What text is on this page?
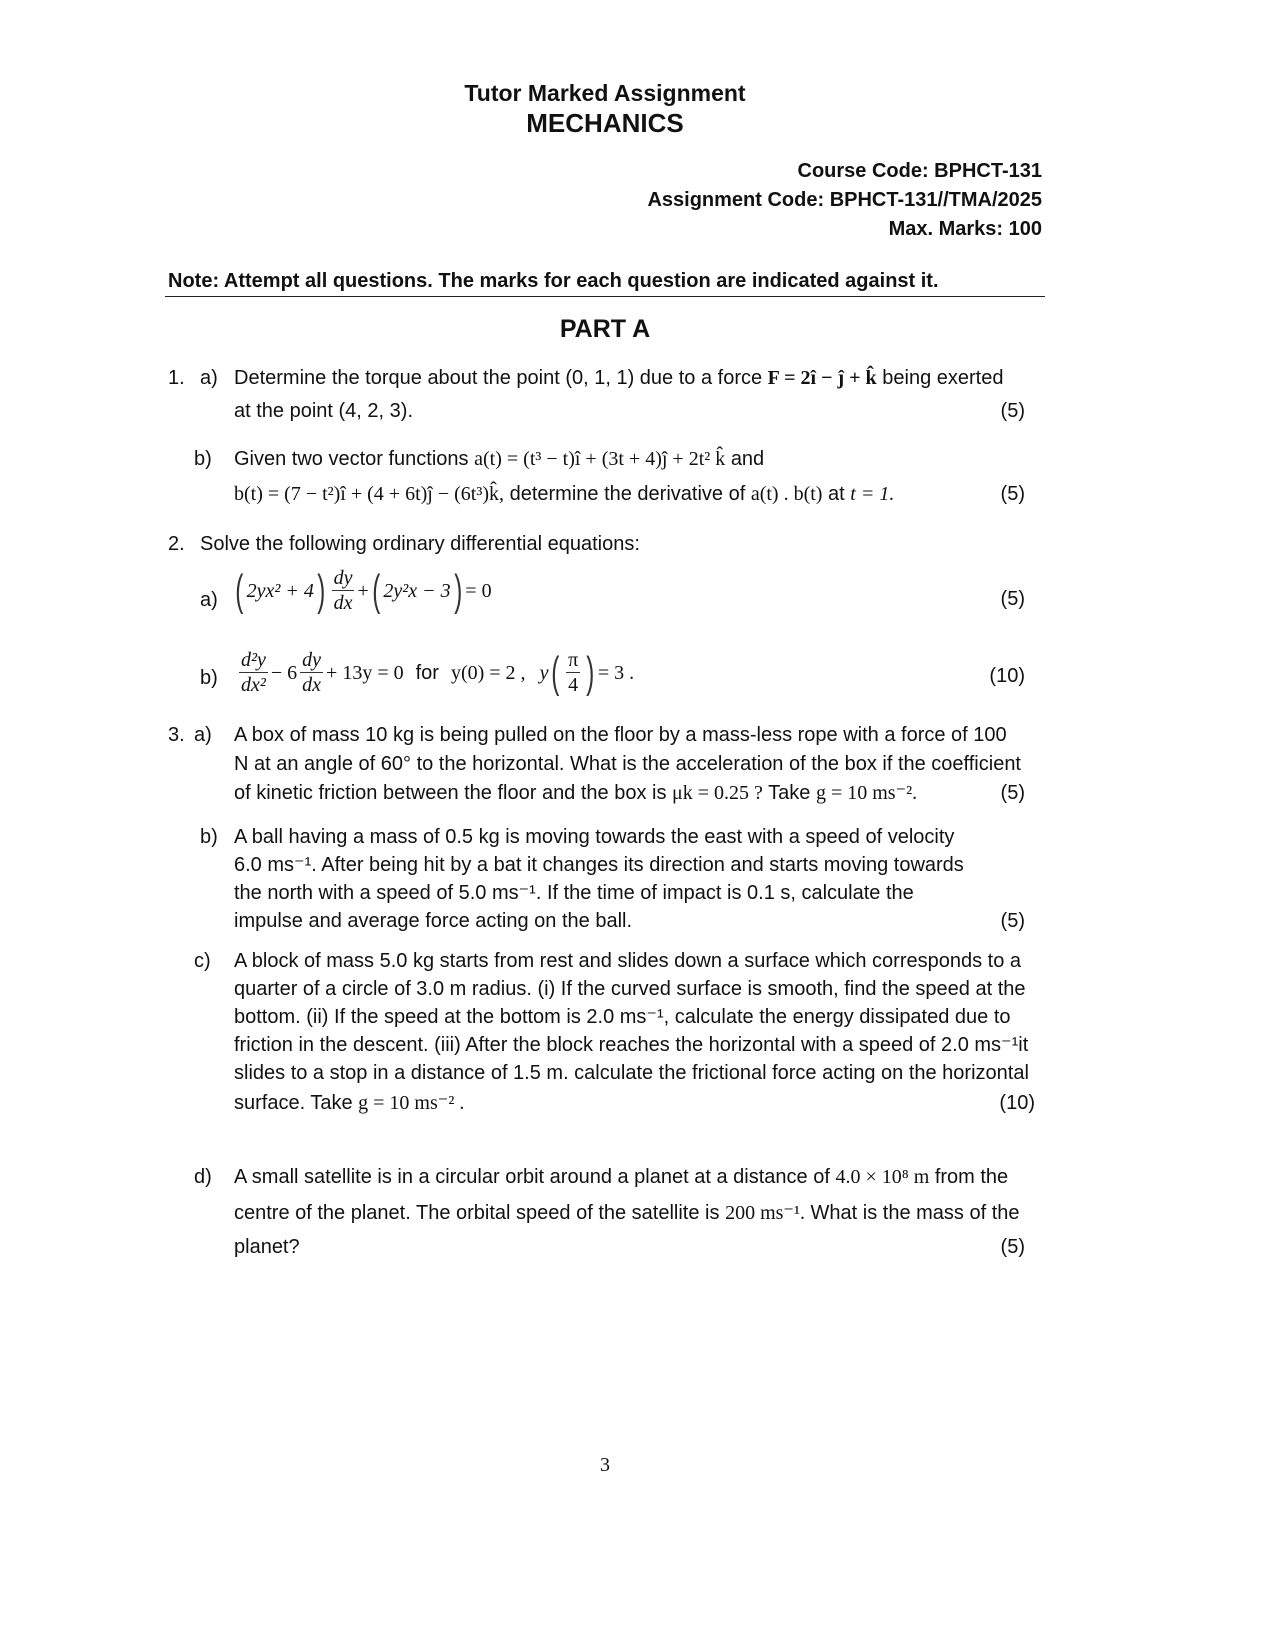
Tutor Marked Assignment
MECHANICS
Course Code: BPHCT-131
Assignment Code: BPHCT-131//TMA/2025
Max. Marks: 100
Note: Attempt all questions. The marks for each question are indicated against it.
PART A
1. a) Determine the torque about the point (0, 1, 1) due to a force F = 2î − ĵ + k̂ being exerted
at the point (4, 2, 3).	(5)
b) Given two vector functions a(t) = (t³ − t)î + (3t + 4)ĵ + 2t² k̂ and
b(t) = (7 − t²)î + (4 + 6t)ĵ − (6t³)k̂, determine the derivative of a(t) . b(t) at t = 1.	(5)
2. Solve the following ordinary differential equations:
a) ( 2yx² + 4 ) $\frac{dy}{dx}$ + ( 2y²x − 3 ) = 0	(5)
$b) \frac{\text{d²y}}{\text{dx²}} - 6 \frac{dy}{dx} + 13y = 0$ for y(0) = 2 , y ( $\frac{\pi}{4}$ ) = 3 .	(10)
3. a) A box of mass 10 kg is being pulled on the floor by a mass-less rope with a force of 100
N at an angle of 60° to the horizontal. What is the acceleration of the box if the coefficient
of kinetic friction between the floor and the box is μk = 0.25 ? Take g = 10 ms⁻².	(5)
b) A ball having a mass of 0.5 kg is moving towards the east with a speed of velocity
6.0 ms⁻¹. After being hit by a bat it changes its direction and starts moving towards
the north with a speed of 5.0 ms⁻¹. If the time of impact is 0.1 s, calculate the
impulse and average force acting on the ball.	(5)
c) A block of mass 5.0 kg starts from rest and slides down a surface which corresponds to a
quarter of a circle of 3.0 m radius. (i) If the curved surface is smooth, find the speed at the
bottom. (ii) If the speed at the bottom is 2.0 ms⁻¹, calculate the energy dissipated due to
friction in the descent. (iii) After the block reaches the horizontal with a speed of 2.0 ms⁻¹it
slides to a stop in a distance of 1.5 m. calculate the frictional force acting on the horizontal
surface. Take g = 10 ms⁻² .	(10)
d) A small satellite is in a circular orbit around a planet at a distance of 4.0 × 10⁸ m from the
centre of the planet. The orbital speed of the satellite is 200 ms⁻¹. What is the mass of the
planet?	(5)
3
